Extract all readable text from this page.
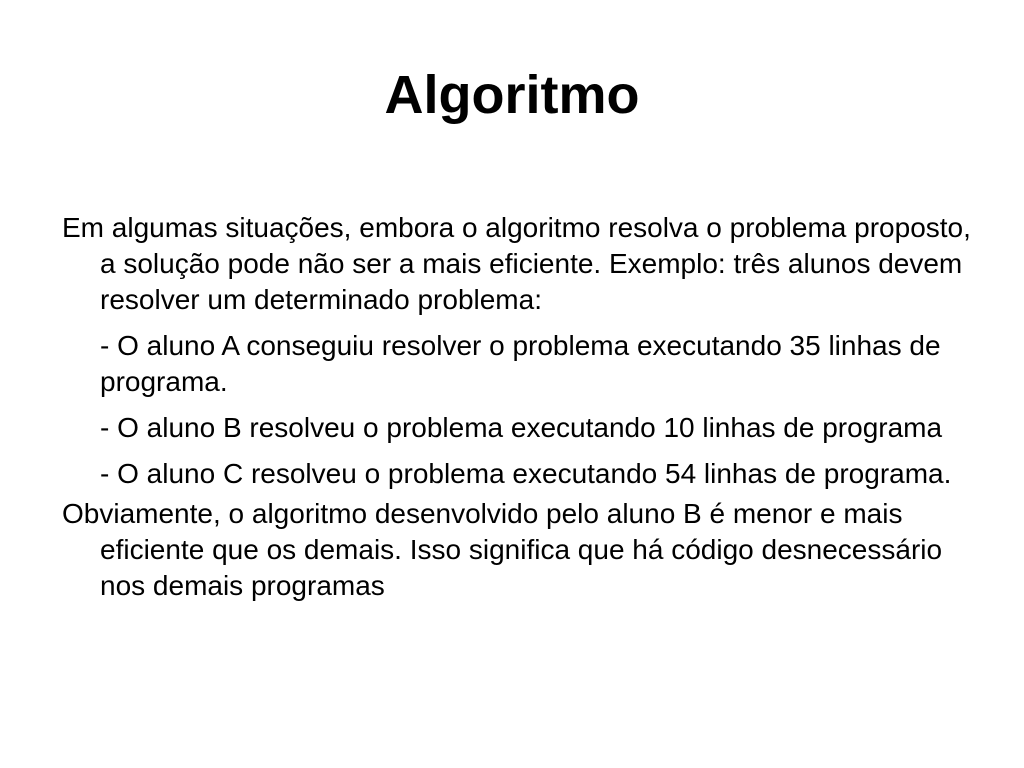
Algoritmo

Em algumas situações, embora o algoritmo resolva o problema proposto, a solução pode não ser a mais eficiente. Exemplo: três alunos devem resolver um determinado problema:

- O aluno A conseguiu resolver o problema executando 35 linhas de programa.

- O aluno B resolveu o problema executando 10 linhas de programa

- O aluno C resolveu o problema executando 54 linhas de programa.

Obviamente, o algoritmo desenvolvido pelo aluno B é menor e mais eficiente que os demais. Isso significa que há código desnecessário nos demais programas
